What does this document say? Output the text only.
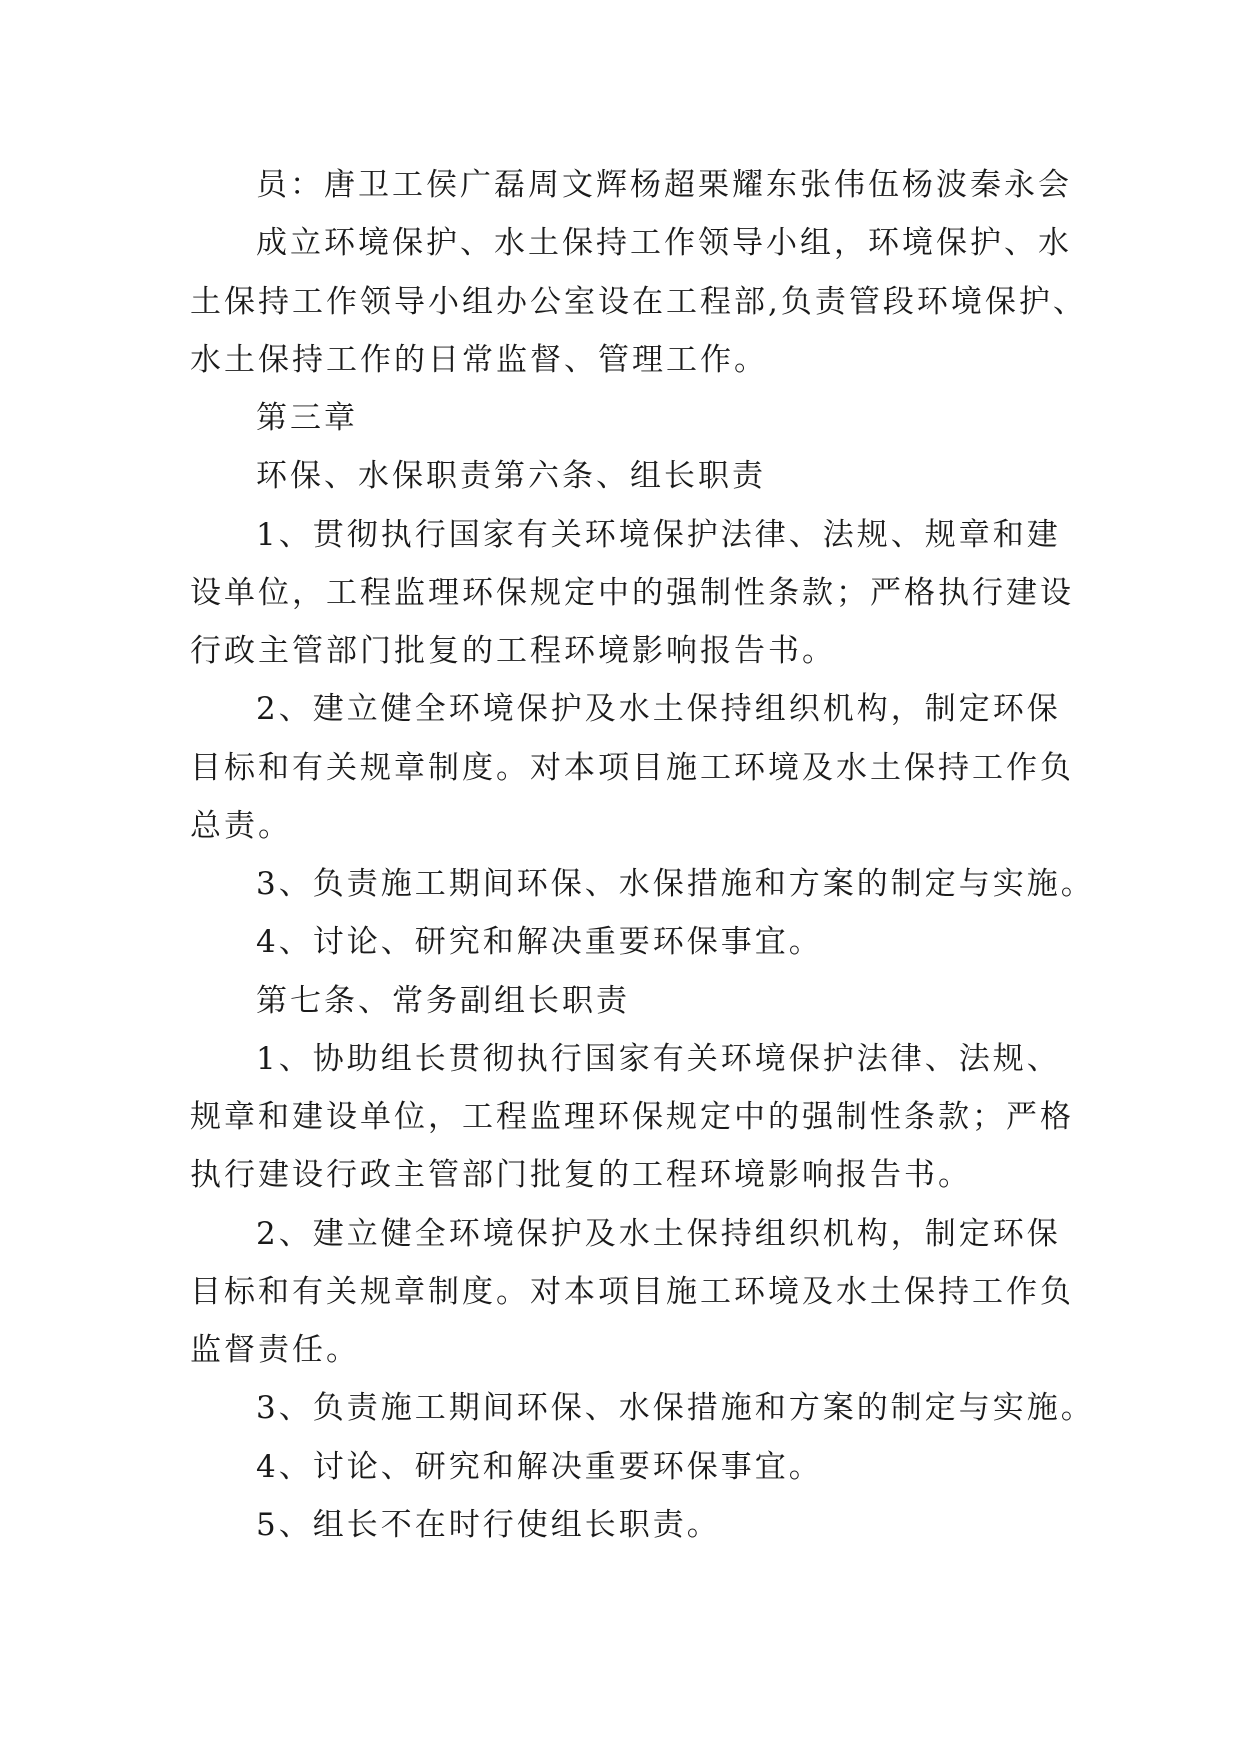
员：唐卫工侯广磊周文辉杨超栗耀东张伟伍杨波秦永会
成立环境保护、水土保持工作领导小组，环境保护、水
土保持工作领导小组办公室设在工程部,负责管段环境保护、
水土保持工作的日常监督、管理工作。
第三章
环保、水保职责第六条、组长职责
1、贯彻执行国家有关环境保护法律、法规、规章和建
设单位，工程监理环保规定中的强制性条款；严格执行建设
行政主管部门批复的工程环境影响报告书。
2、建立健全环境保护及水土保持组织机构，制定环保
目标和有关规章制度。对本项目施工环境及水土保持工作负
总责。
3、负责施工期间环保、水保措施和方案的制定与实施。
4、讨论、研究和解决重要环保事宜。
第七条、常务副组长职责
1、协助组长贯彻执行国家有关环境保护法律、法规、
规章和建设单位，工程监理环保规定中的强制性条款；严格
执行建设行政主管部门批复的工程环境影响报告书。
2、建立健全环境保护及水土保持组织机构，制定环保
目标和有关规章制度。对本项目施工环境及水土保持工作负
监督责任。
3、负责施工期间环保、水保措施和方案的制定与实施。
4、讨论、研究和解决重要环保事宜。
5、组长不在时行使组长职责。
